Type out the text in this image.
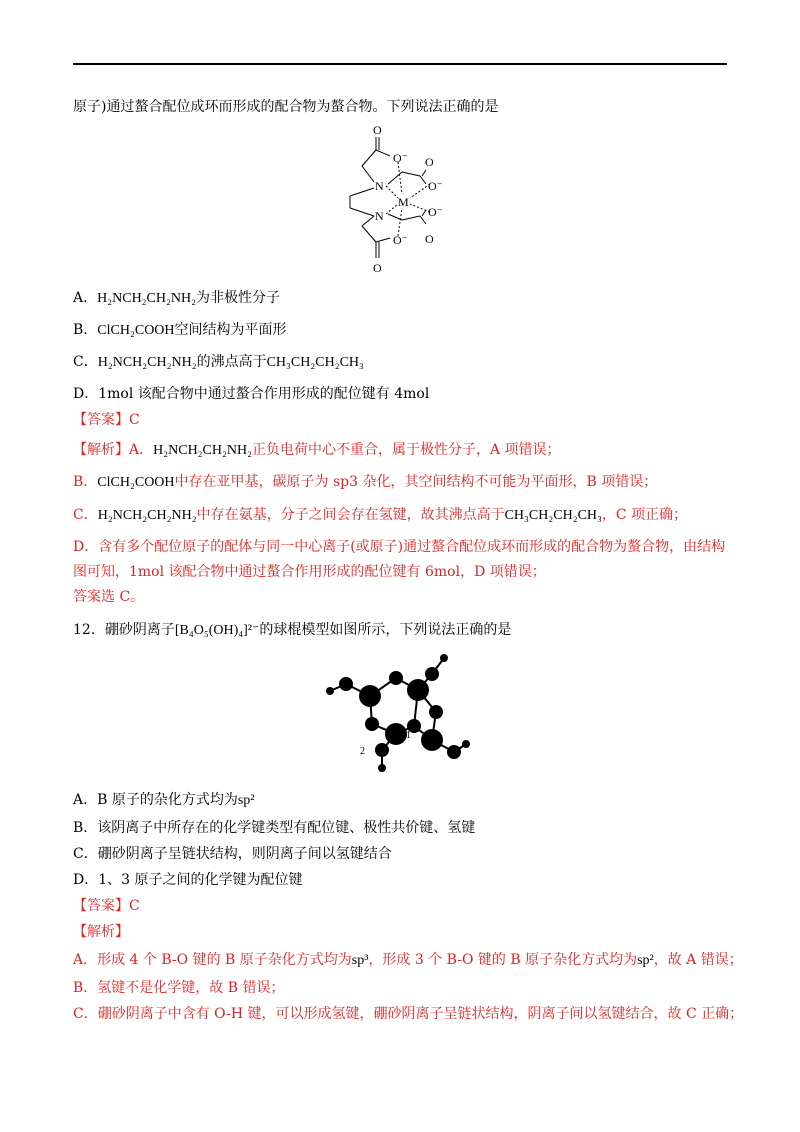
原子)通过螯合配位成环而形成的配合物为螯合物。下列说法正确的是
O
O⁻ O
O⁻
N
M
N	O⁻
O
O⁻
O
A．H₂NCH₂CH₂NH₂为非极性分子
B．ClCH₂COOH空间结构为平面形
C．H₂NCH₂CH₂NH₂的沸点高于CH₃CH₂CH₂CH₃
D．1mol 该配合物中通过螯合作用形成的配位键有 4mol
【答案】C
【解析】A．H₂NCH₂CH₂NH₂正负电荷中心不重合，属于极性分子，A 项错误；
B．ClCH₂COOH中存在亚甲基，碳原子为 sp3 杂化，其空间结构不可能为平面形，B 项错误；
C．H₂NCH₂CH₂NH₂中存在氨基，分子之间会存在氢键，故其沸点高于CH₃CH₂CH₂CH₃，C 项正确；
D．含有多个配位原子的配体与同一中心离子(或原子)通过螯合配位成环而形成的配合物为螯合物，由结构
图可知，1mol 该配合物中通过螯合作用形成的配位键有 6mol，D 项错误；
答案选 C。
12．硼砂阴离子[B₄O₅(OH)₄]²⁻的球棍模型如图所示，下列说法正确的是
1
2
3
A．B 原子的杂化方式均为sp²
B．该阴离子中所存在的化学键类型有配位键、极性共价键、氢键
C．硼砂阴离子呈链状结构，则阴离子间以氢键结合
D．1、3 原子之间的化学键为配位键
【答案】C
【解析】
A．形成 4 个 B-O 键的 B 原子杂化方式均为sp³，形成 3 个 B-O 键的 B 原子杂化方式均为sp²，故 A 错误；
B．氢键不是化学键，故 B 错误；
C．硼砂阴离子中含有 O-H 键，可以形成氢键，硼砂阴离子呈链状结构，阴离子间以氢键结合，故 C 正确；
